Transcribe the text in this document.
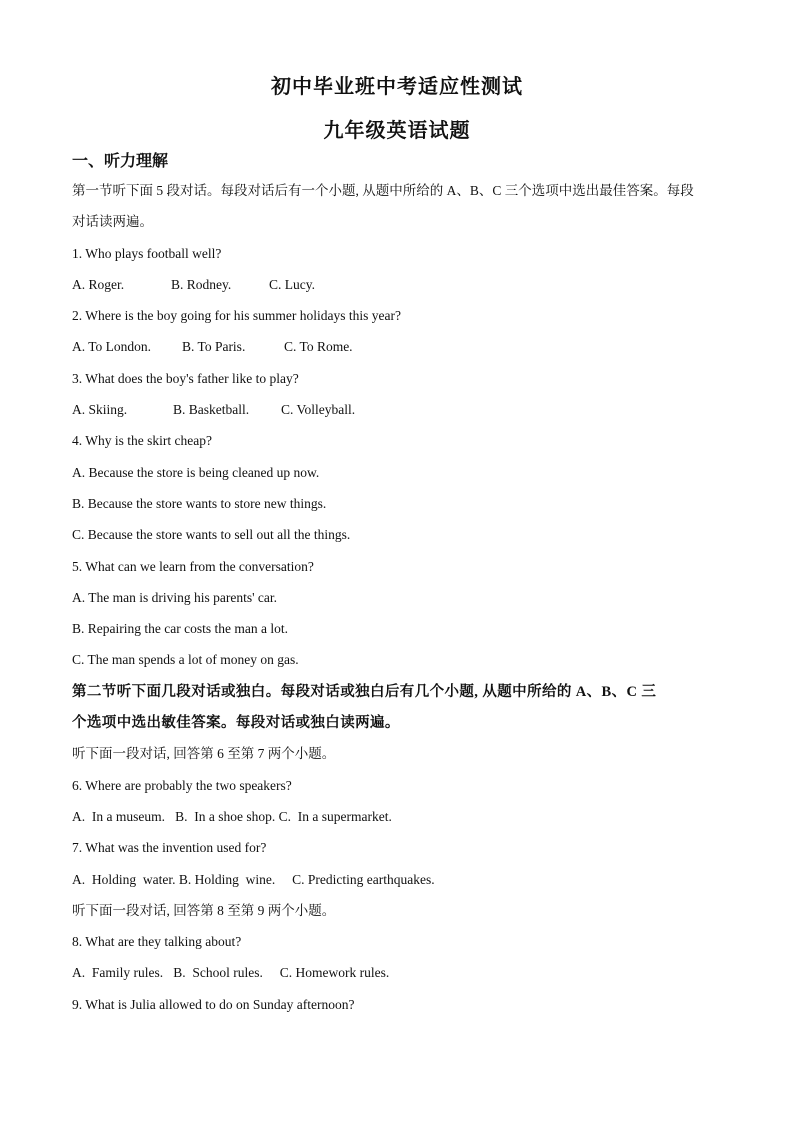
初中毕业班中考适应性测试
九年级英语试题
一、听力理解
第一节听下面 5 段对话。每段对话后有一个小题, 从题中所给的 A、B、C 三个选项中选出最佳答案。每段
对话读两遍。
1. Who plays football well?
A. Roger.	B. Rodney.	C. Lucy.
2. Where is the boy going for his summer holidays this year?
A. To London. B. To Paris.	C. To Rome.
3. What does the boy's father like to play?
A. Skiing.	B. Basketball. C. Volleyball.
4. Why is the skirt cheap?
A. Because the store is being cleaned up now.
B. Because the store wants to store new things.
C. Because the store wants to sell out all the things.
5. What can we learn from the conversation?
A. The man is driving his parents' car.
B. Repairing the car costs the man a lot.
C. The man spends a lot of money on gas.
第二节听下面几段对话或独白。每段对话或独白后有几个小题, 从题中所给的 A、B、C 三
个选项中选出敏佳答案。每段对话或独白读两遍。
听下面一段对话, 回答第 6 至第 7 两个小题。
6. Where are probably the two speakers?
A.  In a museum.   B.  In a shoe shop. C.  In a supermarket.
7. What was the invention used for?
A.  Holding  water. B. Holding  wine.     C. Predicting earthquakes.
听下面一段对话, 回答第 8 至第 9 两个小题。
8. What are they talking about?
A.  Family rules.   B.  School rules.     C. Homework rules.
9. What is Julia allowed to do on Sunday afternoon?
